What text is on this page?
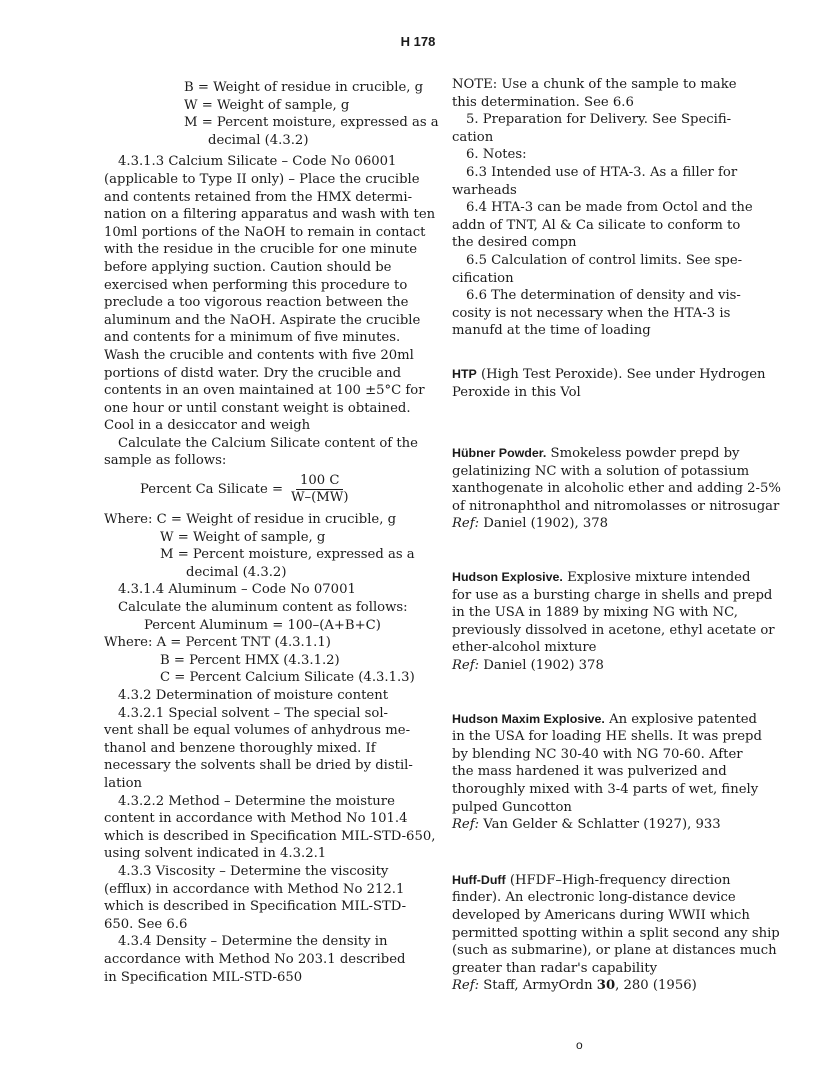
H 178
B = Weight of residue in crucible, g
W = Weight of sample, g
M = Percent moisture, expressed as a
decimal (4.3.2)
4.3.1.3 Calcium Silicate – Code No 06001
(applicable to Type II only) – Place the crucible
and contents retained from the HMX determi-
nation on a filtering apparatus and wash with ten
10ml portions of the NaOH to remain in contact
with the residue in the crucible for one minute
before applying suction. Caution should be
exercised when performing this procedure to
preclude a too vigorous reaction between the
aluminum and the NaOH. Aspirate the crucible
and contents for a minimum of five minutes.
Wash the crucible and contents with five 20ml
portions of distd water. Dry the crucible and
contents in an oven maintained at 100 ±5°C for
one hour or until constant weight is obtained.
Cool in a desiccator and weigh
Calculate the Calcium Silicate content of the
sample as follows:
Percent Ca Silicate = $\frac{100 C}{W-(MW)}$
Where: C = Weight of residue in crucible, g
W = Weight of sample, g
M = Percent moisture, expressed as a
decimal (4.3.2)
4.3.1.4 Aluminum – Code No 07001
Calculate the aluminum content as follows:
Percent Aluminum = 100–(A+B+C)
Where: A = Percent TNT (4.3.1.1)
B = Percent HMX (4.3.1.2)
C = Percent Calcium Silicate (4.3.1.3)
4.3.2 Determination of moisture content
4.3.2.1 Special solvent – The special sol-
vent shall be equal volumes of anhydrous me-
thanol and benzene thoroughly mixed. If
necessary the solvents shall be dried by distil-
lation
4.3.2.2 Method – Determine the moisture
content in accordance with Method No 101.4
which is described in Specification MIL-STD-650,
using solvent indicated in 4.3.2.1
4.3.3 Viscosity – Determine the viscosity
(efflux) in accordance with Method No 212.1
which is described in Specification MIL-STD-
650. See 6.6
4.3.4 Density – Determine the density in
accordance with Method No 203.1 described
in Specification MIL-STD-650
NOTE: Use a chunk of the sample to make
this determination. See 6.6
5. Preparation for Delivery. See Specifi-
cation
6. Notes:
6.3 Intended use of HTA-3. As a filler for
warheads
6.4 HTA-3 can be made from Octol and the
addn of TNT, Al & Ca silicate to conform to
the desired compn
6.5 Calculation of control limits. See spe-
cification
6.6 The determination of density and vis-
cosity is not necessary when the HTA-3 is
manufd at the time of loading
HTP (High Test Peroxide). See under Hydrogen
Peroxide in this Vol
Hübner Powder. Smokeless powder prepd by
gelatinizing NC with a solution of potassium
xanthogenate in alcoholic ether and adding 2-5%
of nitronaphthol and nitromolasses or nitrosugar
Ref: Daniel (1902), 378
Hudson Explosive. Explosive mixture intended
for use as a bursting charge in shells and prepd
in the USA in 1889 by mixing NG with NC,
previously dissolved in acetone, ethyl acetate or
ether-alcohol mixture
Ref: Daniel (1902) 378
Hudson Maxim Explosive. An explosive patented
in the USA for loading HE shells. It was prepd
by blending NC 30-40 with NG 70-60. After
the mass hardened it was pulverized and
thoroughly mixed with 3-4 parts of wet, finely
pulped Guncotton
Ref: Van Gelder & Schlatter (1927), 933
Huff-Duff (HFDF–High-frequency direction
finder). An electronic long-distance device
developed by Americans during WWII which
permitted spotting within a split second any ship
(such as submarine), or plane at distances much
greater than radar's capability
Ref: Staff, ArmyOrdn 30, 280 (1956)
o
